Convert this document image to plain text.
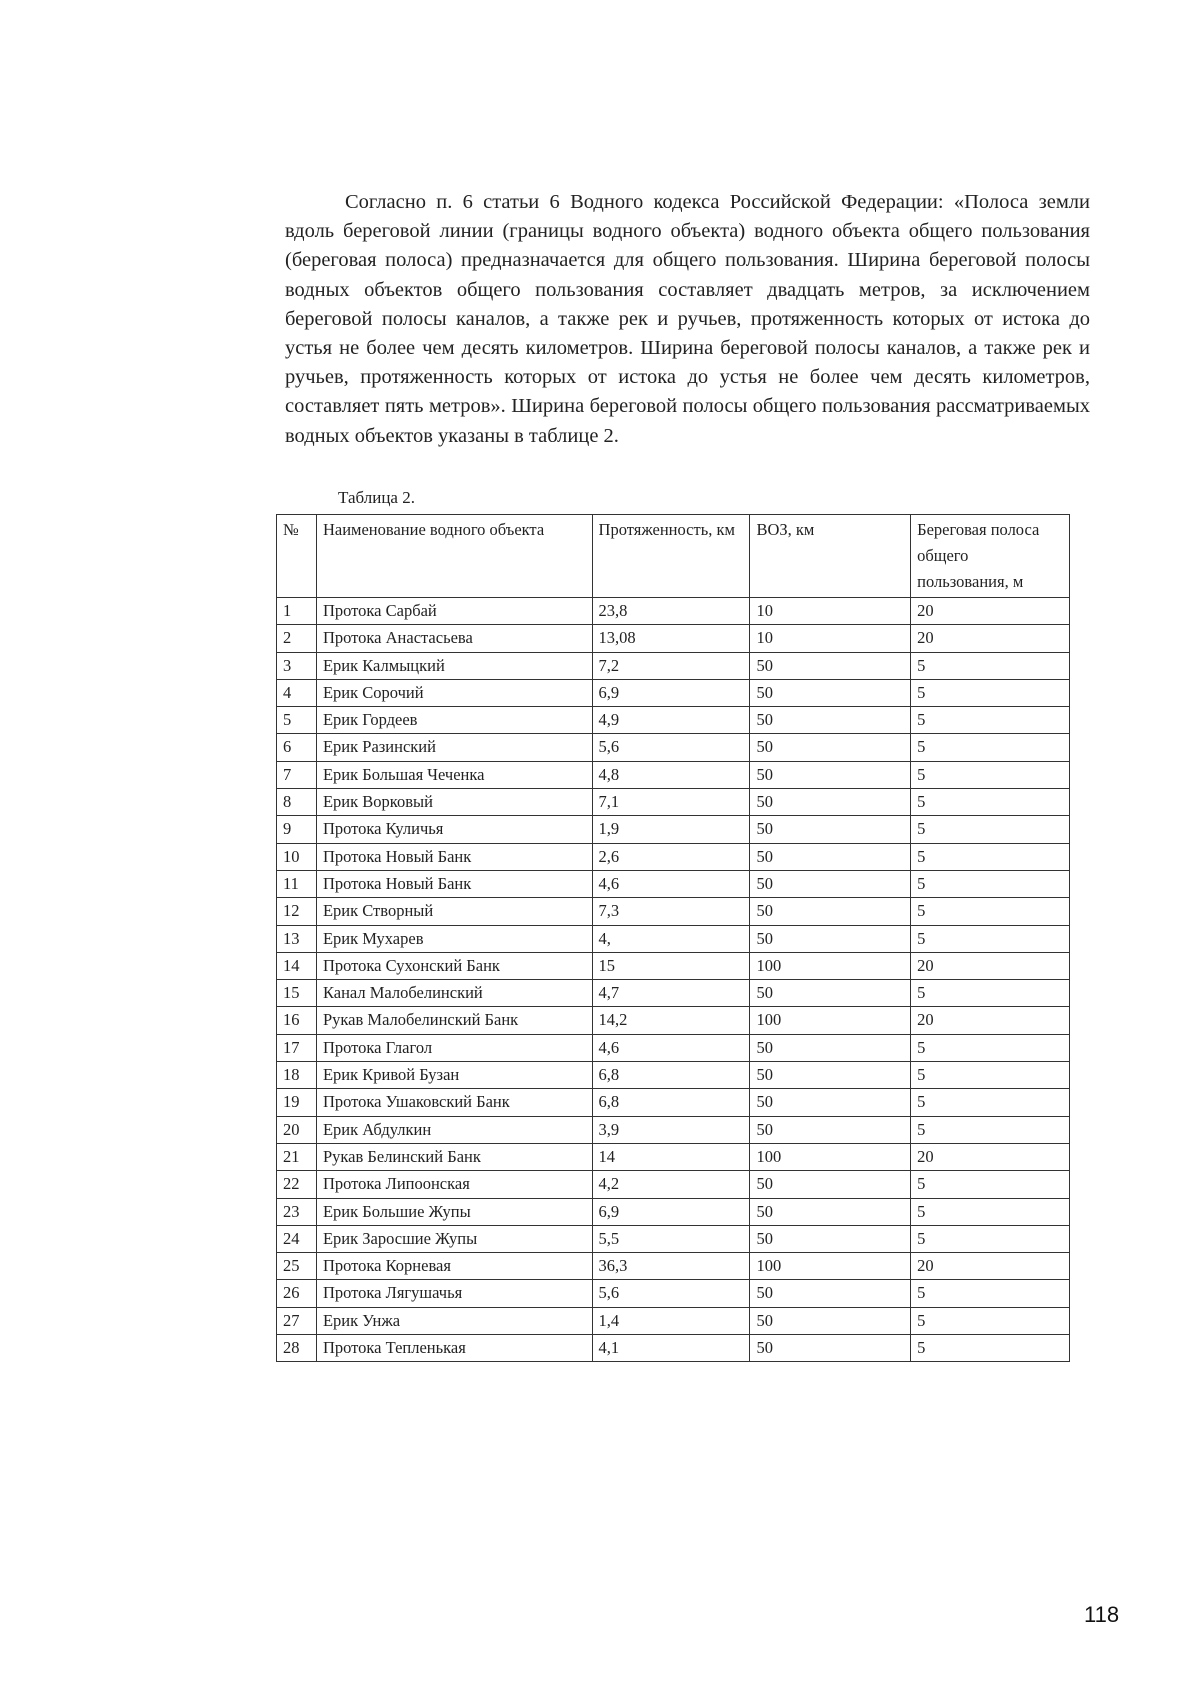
Согласно п. 6 статьи 6 Водного кодекса Российской Федерации: «Полоса земли вдоль береговой линии (границы водного объекта) водного объекта общего пользования (береговая полоса) предназначается для общего пользования. Ширина береговой полосы водных объектов общего пользования составляет двадцать метров, за исключением береговой полосы каналов, а также рек и ручьев, протяженность которых от истока до устья не более чем десять километров. Ширина береговой полосы каналов, а также рек и ручьев, протяженность которых от истока до устья не более чем десять километров, составляет пять метров». Ширина береговой полосы общего пользования рассматриваемых водных объектов указаны в таблице 2.

Таблица 2.
№	Наименование водного объекта	Протяженность, км	ВОЗ, км	Береговая полоса общего пользования, м
1	Протока Сарбай	23,8	10	20
2	Протока Анастасьева	13,08	10	20
3	Ерик Калмыцкий	7,2	50	5
4	Ерик Сорочий	6,9	50	5
5	Ерик Гордеев	4,9	50	5
6	Ерик Разинский	5,6	50	5
7	Ерик Большая Чеченка	4,8	50	5
8	Ерик Ворковый	7,1	50	5
9	Протока Куличья	1,9	50	5
10	Протока Новый Банк	2,6	50	5
11	Протока Новый Банк	4,6	50	5
12	Ерик Створный	7,3	50	5
13	Ерик Мухарев	4,	50	5
14	Протока Сухонский Банк	15	100	20
15	Канал Малобелинский	4,7	50	5
16	Рукав Малобелинский Банк	14,2	100	20
17	Протока Глагол	4,6	50	5
18	Ерик Кривой Бузан	6,8	50	5
19	Протока Ушаковский Банк	6,8	50	5
20	Ерик Абдулкин	3,9	50	5
21	Рукав Белинский Банк	14	100	20
22	Протока Липоонская	4,2	50	5
23	Ерик Большие Жупы	6,9	50	5
24	Ерик Заросшие Жупы	5,5	50	5
25	Протока Корневая	36,3	100	20
26	Протока Лягушачья	5,6	50	5
27	Ерик Унжа	1,4	50	5
28	Протока Тепленькая	4,1	50	5
118
